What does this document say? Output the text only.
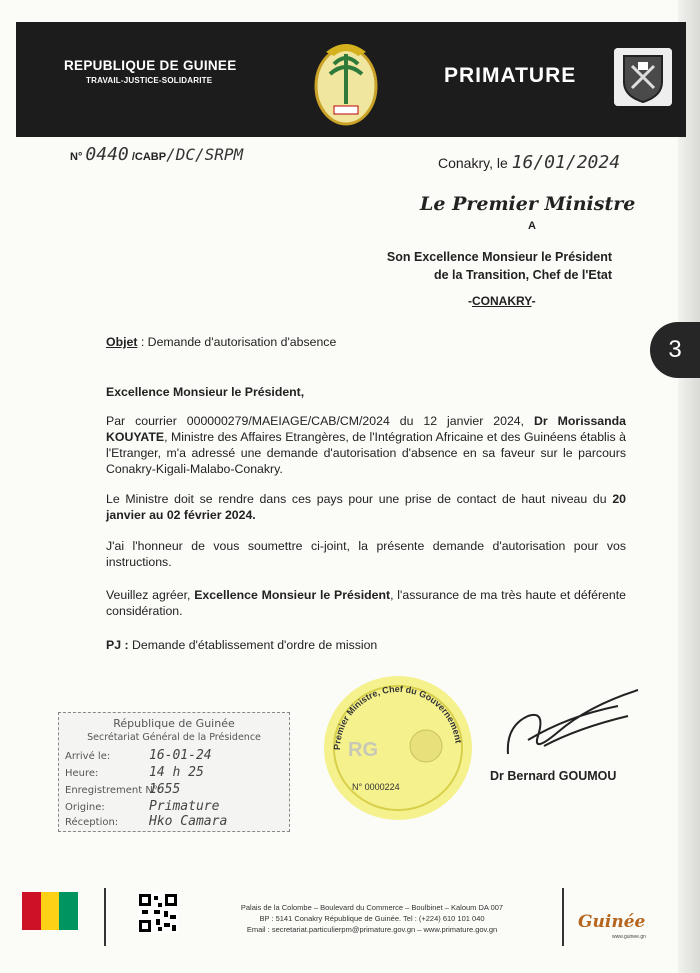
3
REPUBLIQUE DE GUINEE
TRAVAIL-JUSTICE-SOLIDARITE	PRIMATURE
N° 0440 /CABP/DC/SRPM	Conakry, le 16/01/2024
Le Premier Ministre
A
Son Excellence Monsieur le Président
de la Transition, Chef de l'Etat
-CONAKRY-
Objet : Demande d'autorisation d'absence
Excellence Monsieur le Président,
Par courrier 000000279/MAEIAGE/CAB/CM/2024 du 12 janvier 2024, Dr Morissanda KOUYATE, Ministre des Affaires Etrangères, de l'Intégration Africaine et des Guinéens établis à l'Etranger, m'a adressé une demande d'autorisation d'absence en sa faveur sur le parcours Conakry-Kigali-Malabo-Conakry.
Le Ministre doit se rendre dans ces pays pour une prise de contact de haut niveau du 20 janvier au 02 février 2024.
J'ai l'honneur de vous soumettre ci-joint, la présente demande d'autorisation pour vos instructions.
Veuillez agréer, Excellence Monsieur le Président, l'assurance de ma très haute et déférente considération.
PJ : Demande d'établissement d'ordre de mission
République de Guinée
Secrétariat Général de la Présidence
Arrivé le:	16-01-24
Heure:	14 h 25
Enregistrement N°:
1655
Origine:	Primature
Réception: Hko Camara
Premier Ministre, Chef du Gouvernement
RG
N° 0000224
Dr Bernard GOUMOU
Palais de la Colombe – Boulevard du Commerce – Boulbinet – Kaloum DA 007
BP : 5141 Conakry République de Guinée. Tel : (+224) 610 101 040
Email : secretariat.particulierpm@primature.gov.gn – www.primature.gov.gn	Guinée
www.guinee.gn
